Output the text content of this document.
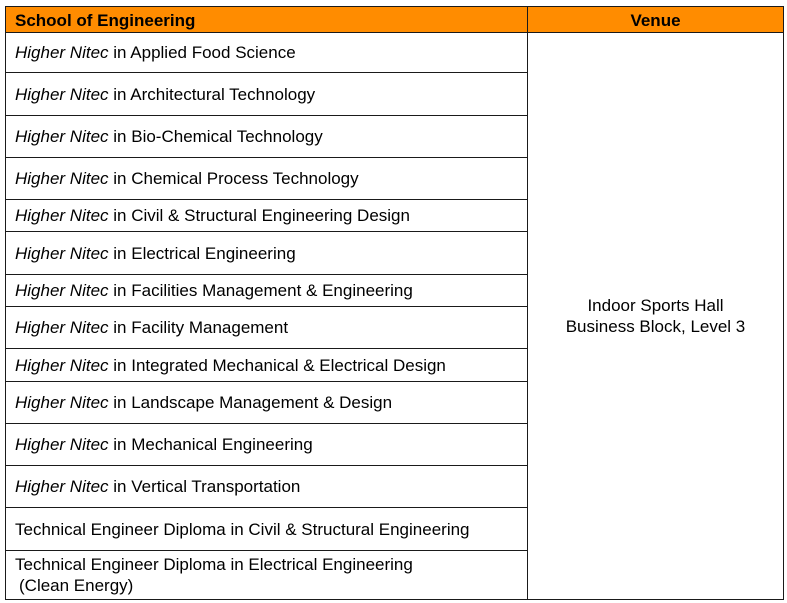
School of Engineering	Venue
Higher Nitec in Applied Food Science	Indoor Sports Hall
Business Block, Level 3

Higher Nitec in Architectural Technology	
Higher Nitec in Bio-Chemical Technology	
Higher Nitec in Chemical Process Technology	
Higher Nitec in Civil & Structural Engineering Design	
Higher Nitec in Electrical Engineering	
Higher Nitec in Facilities Management & Engineering	
Higher Nitec in Facility Management	
Higher Nitec in Integrated Mechanical & Electrical Design	
Higher Nitec in Landscape Management & Design	
Higher Nitec in Mechanical Engineering	
Higher Nitec in Vertical Transportation	
Technical Engineer Diploma in Civil & Structural Engineering	

Technical Engineer Diploma in Electrical Engineering
(Clean Energy)	
